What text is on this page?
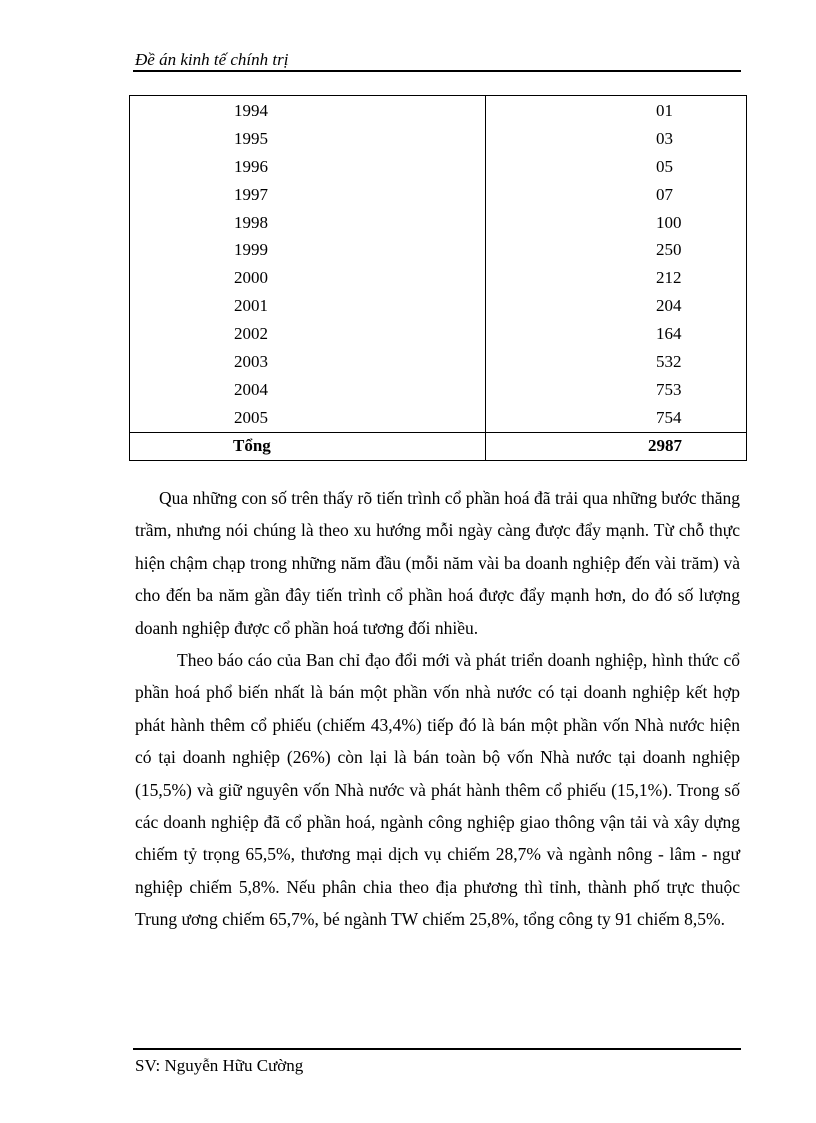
Đề án kinh tế chính trị
1994	01
1995	03
1996	05
1997	07
1998	100
1999	250
2000	212
2001	204
2002	164
2003	532
2004	753
2005	754
Tổng	2987

Qua những con số trên thấy rõ tiến trình cổ phần hoá đã trải qua những bước thăng trầm, nhưng nói chúng là theo xu hướng mỗi ngày càng được đẩy mạnh. Từ chỗ thực hiện chậm chạp trong những năm đầu (mỗi năm vài ba doanh nghiệp đến vài trăm) và cho đến ba năm gần đây tiến trình cổ phần hoá được đẩy mạnh hơn, do đó số lượng doanh nghiệp được cổ phần hoá tương đối nhiều.

Theo báo cáo của Ban chỉ đạo đổi mới và phát triển doanh nghiệp, hình thức cổ phần hoá phổ biến nhất là bán một phần vốn nhà nước có tại doanh nghiệp kết hợp phát hành thêm cổ phiếu (chiếm 43,4%) tiếp đó là bán một phần vốn Nhà nước hiện có tại doanh nghiệp (26%) còn lại là bán toàn bộ vốn Nhà nước tại doanh nghiệp (15,5%) và giữ nguyên vốn Nhà nước và phát hành thêm cổ phiếu (15,1%). Trong số các doanh nghiệp đã cổ phần hoá, ngành công nghiệp giao thông vận tải và xây dựng chiếm tỷ trọng 65,5%, thương mại dịch vụ chiếm 28,7% và ngành nông - lâm - ngư nghiệp chiếm 5,8%. Nếu phân chia theo địa phương thì tỉnh, thành phố trực thuộc Trung ương chiếm 65,7%, bé ngành TW chiếm 25,8%, tổng công ty 91 chiếm 8,5%.

SV: Nguyễn Hữu Cường
